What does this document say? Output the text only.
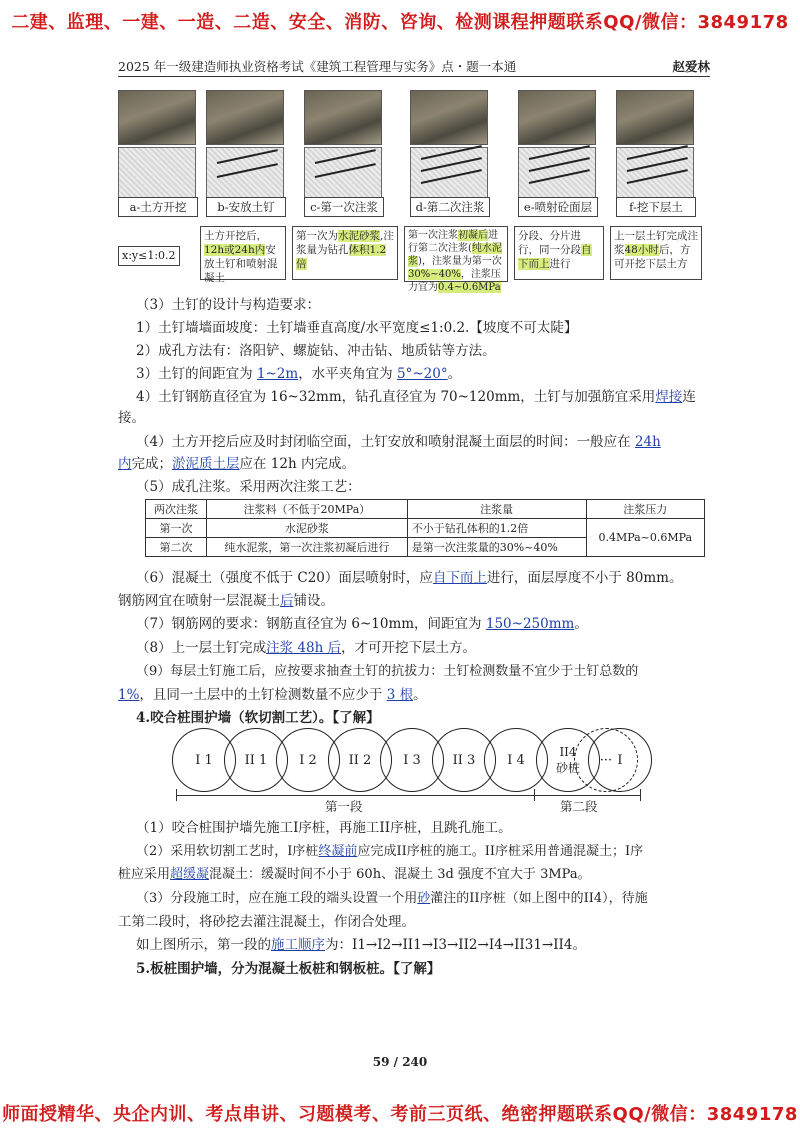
二建、监理、一建、一造、二造、安全、消防、咨询、检测课程押题联系QQ/微信：3849178
2025 年一级建造师执业资格考试《建筑工程管理与实务》点・题一本通	赵爱林
a-土方开挖	b-安放土钉	c-第一次注浆	d-第二次注浆	e-喷射砼面层	f-挖下层土
x:y≤1:0.2
土方开挖后，12h或24h内安放土钉和喷射混凝土
第一次为水泥砂浆,注浆量为钻孔体积1.2倍
第一次注浆初凝后进行第二次注浆(纯水泥浆)，注浆量为第一次30%~40%，注浆压力宜为0.4~0.6MPa
分段、分片进行，同一分段自下而上进行
上一层土钉完成注浆48小时后，方可开挖下层土方
（3）土钉的设计与构造要求：
1）土钉墙墙面坡度：土钉墙垂直高度/水平宽度≤1:0.2.【坡度不可太陡】
2）成孔方法有：洛阳铲、螺旋钻、冲击钻、地质钻等方法。
3）土钉的间距宜为 1~2m，水平夹角宜为 5°~20°。
4）土钉钢筋直径宜为 16~32mm，钻孔直径宜为 70~120mm，土钉与加强筋宜采用焊接连
接。
（4）土方开挖后应及时封闭临空面，土钉安放和喷射混凝土面层的时间：一般应在 24h
内完成；淤泥质土层应在 12h 内完成。
（5）成孔注浆。采用两次注浆工艺：
两次注浆	注浆料（不低于20MPa）	注浆量	注浆压力
第一次	水泥砂浆	不小于钻孔体积的1.2倍	0.4MPa~0.6MPa
第二次	纯水泥浆，第一次注浆初凝后进行	是第一次注浆量的30%~40%	
（6）混凝土（强度不低于 C20）面层喷射时，应自下而上进行，面层厚度不小于 80mm。
钢筋网宜在喷射一层混凝土后铺设。
（7）钢筋网的要求：钢筋直径宜为 6~10mm，间距宜为 150~250mm。
（8）上一层土钉完成注浆 48h 后，才可开挖下层土方。
（9）每层土钉施工后，应按要求抽查土钉的抗拔力：土钉检测数量不宜少于土钉总数的
1%，且同一土层中的土钉检测数量不应少于 3 根。
4.咬合桩围护墙（软切割工艺）。【了解】
I 1	II 1	I 2	II 2	I 3	II 3	I 4
II4
砂桩	I
···
第一段	第二段
（1）咬合桩围护墙先施工I序桩，再施工II序桩，且跳孔施工。
（2）采用软切割工艺时，I序桩终凝前应完成II序桩的施工。II序桩采用普通混凝土；I序
桩应采用超缓凝混凝土：缓凝时间不小于 60h、混凝土 3d 强度不宜大于 3MPa。
（3）分段施工时，应在施工段的端头设置一个用砂灌注的II序桩（如上图中的II4），待施
工第二段时，将砂挖去灌注混凝土，作闭合处理。
如上图所示，第一段的施工顺序为：I1→I2→II1→I3→II2→I4→II31→II4。
5.板桩围护墙，分为混凝土板桩和钢板桩。【了解】
59 / 240
师面授精华、央企内训、考点串讲、习题模考、考前三页纸、绝密押题联系QQ/微信：3849178
